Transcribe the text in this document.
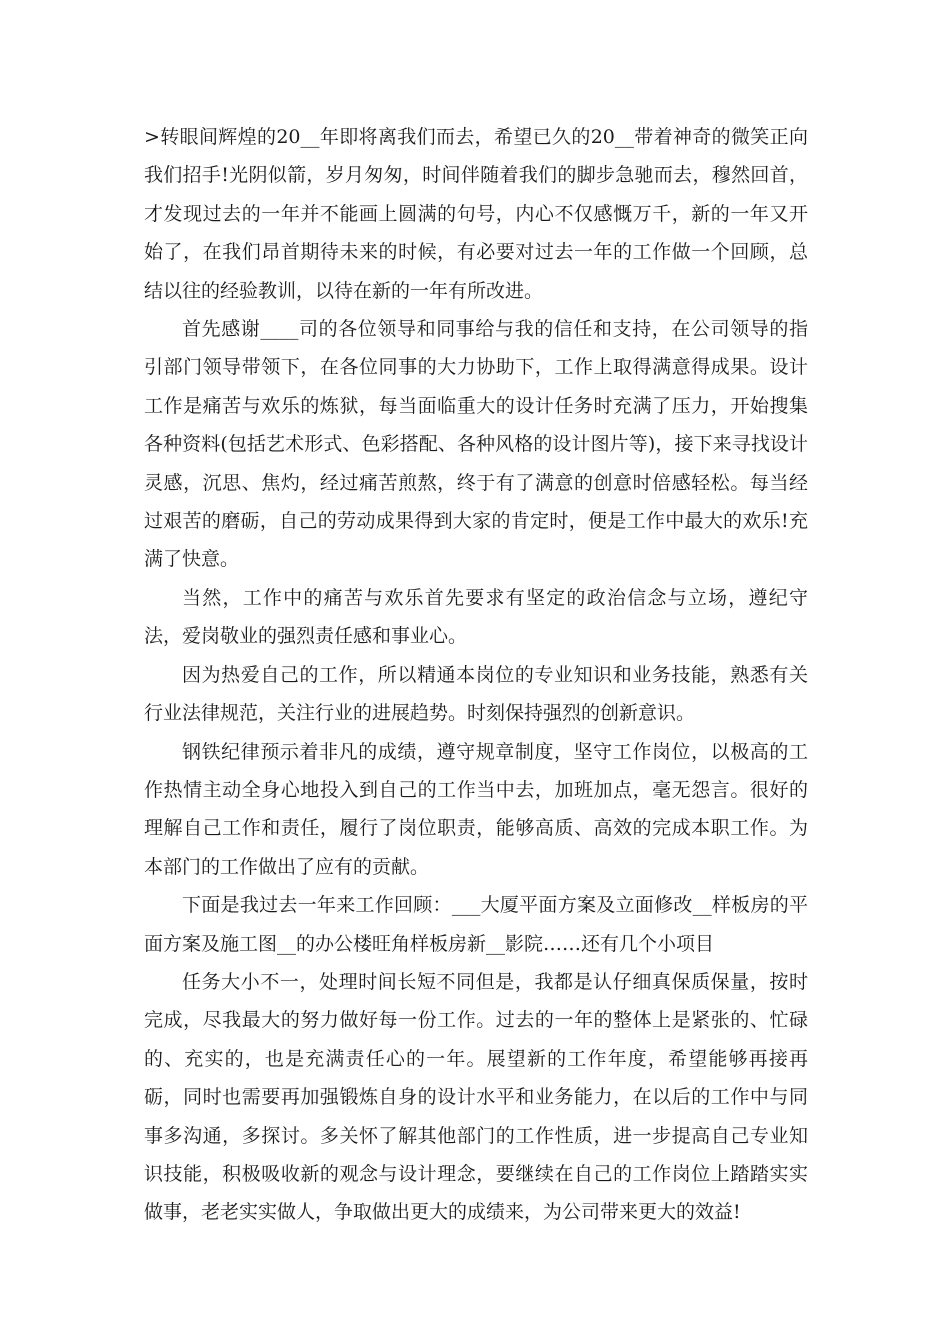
>转眼间辉煌的20__年即将离我们而去，希望已久的20__带着神奇的微笑正向我们招手!光阴似箭，岁月匆匆，时间伴随着我们的脚步急驰而去，穆然回首，才发现过去的一年并不能画上圆满的句号，内心不仅感慨万千，新的一年又开始了，在我们昂首期待未来的时候，有必要对过去一年的工作做一个回顾，总结以往的经验教训，以待在新的一年有所改进。

首先感谢____司的各位领导和同事给与我的信任和支持，在公司领导的指引部门领导带领下，在各位同事的大力协助下，工作上取得满意得成果。设计工作是痛苦与欢乐的炼狱，每当面临重大的设计任务时充满了压力，开始搜集各种资料(包括艺术形式、色彩搭配、各种风格的设计图片等)，接下来寻找设计灵感，沉思、焦灼，经过痛苦煎熬，终于有了满意的创意时倍感轻松。每当经过艰苦的磨砺，自己的劳动成果得到大家的肯定时，便是工作中最大的欢乐!充满了快意。

当然，工作中的痛苦与欢乐首先要求有坚定的政治信念与立场，遵纪守法，爱岗敬业的强烈责任感和事业心。

因为热爱自己的工作，所以精通本岗位的专业知识和业务技能，熟悉有关行业法律规范，关注行业的进展趋势。时刻保持强烈的创新意识。

钢铁纪律预示着非凡的成绩，遵守规章制度，坚守工作岗位，以极高的工作热情主动全身心地投入到自己的工作当中去，加班加点，毫无怨言。很好的理解自己工作和责任，履行了岗位职责，能够高质、高效的完成本职工作。为本部门的工作做出了应有的贡献。

下面是我过去一年来工作回顾：___大厦平面方案及立面修改__样板房的平面方案及施工图__的办公楼旺角样板房新__影院……还有几个小项目

任务大小不一，处理时间长短不同但是，我都是认仔细真保质保量，按时完成，尽我最大的努力做好每一份工作。过去的一年的整体上是紧张的、忙碌的、充实的，也是充满责任心的一年。展望新的工作年度，希望能够再接再砺，同时也需要再加强锻炼自身的设计水平和业务能力，在以后的工作中与同事多沟通，多探讨。多关怀了解其他部门的工作性质，进一步提高自己专业知识技能，积极吸收新的观念与设计理念，要继续在自己的工作岗位上踏踏实实做事，老老实实做人，争取做出更大的成绩来，为公司带来更大的效益!
